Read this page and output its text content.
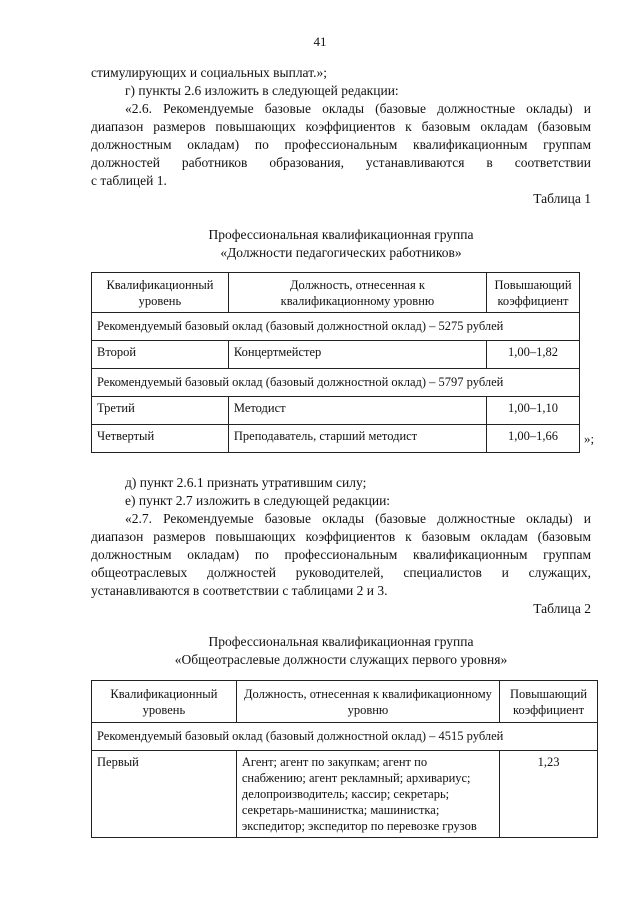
41

стимулирующих и социальных выплат.»;

г) пункты 2.6 изложить в следующей редакции:

«2.6. Рекомендуемые базовые оклады (базовые должностные оклады) и

диапазон размеров повышающих коэффициентов к базовым окладам (базовым

должностным окладам) по профессиональным квалификационным группам

должностей работников образования, устанавливаются в соответствии

с таблицей 1.

Таблица 1

Профессиональная квалификационная группа

«Должности педагогических работников»

Квалификационный уровень	Должность, отнесенная к квалификационному уровню	Повышающий коэффициент
Рекомендуемый базовый оклад (базовый должностной оклад) – 5275 рублей		
Второй	Концертмейстер	1,00–1,82
Рекомендуемый базовый оклад (базовый должностной оклад) – 5797 рублей		
Третий	Методист	1,00–1,10
Четвертый	Преподаватель, старший методист	1,00–1,66 »;

д) пункт 2.6.1 признать утратившим силу;

е) пункт 2.7 изложить в следующей редакции:

«2.7. Рекомендуемые базовые оклады (базовые должностные оклады) и

диапазон размеров повышающих коэффициентов к базовым окладам (базовым

должностным окладам) по профессиональным квалификационным группам

общеотраслевых должностей руководителей, специалистов и служащих,

устанавливаются в соответствии с таблицами 2 и 3.

Таблица 2

Профессиональная квалификационная группа

«Общеотраслевые должности служащих первого уровня»

Квалификационный уровень	Должность, отнесенная к квалификационному уровню	Повышающий коэффициент
Рекомендуемый базовый оклад (базовый должностной оклад) – 4515 рублей		
Первый	Агент; агент по закупкам; агент по
снабжению; агент рекламный; архивариус;
делопроизводитель; кассир; секретарь;
секретарь-машинистка; машинистка;
экспедитор; экспедитор по перевозке грузов	1,23
